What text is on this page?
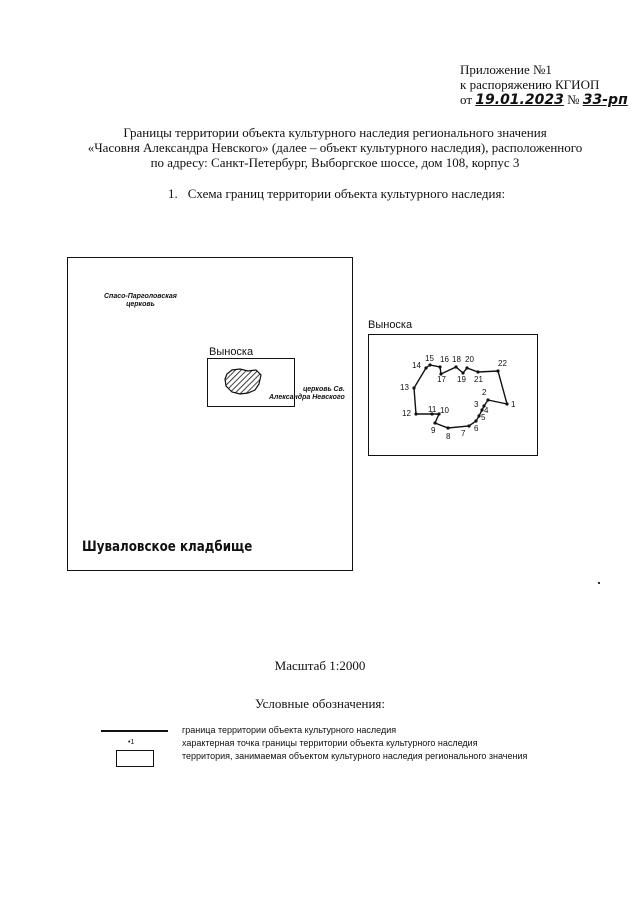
Приложение №1
к распоряжению КГИОП
от 19.01.2023 № 33-рп
Границы территории объекта культурного наследия регионального значения
«Часовня Александра Невского» (далее – объект культурного наследия), расположенного
по адресу: Санкт-Петербург, Выборгское шоссе, дом 108, корпус 3
1. Схема границ территории объекта культурного наследия:
Спасо-Парголовская
церковь
Выноска
церковь Св.
Александра Невского
Шуваловское кладбище
Выноска
1
2
3
4
5
6
7
8
9
10
11
12
13
14
15 16
17
18
19
20
21
22
Масштаб 1:2000
Условные обозначения:
граница территории объекта культурного наследия
•1	характерная точка границы территории объекта культурного наследия
территория, занимаемая объектом культурного наследия регионального значения
